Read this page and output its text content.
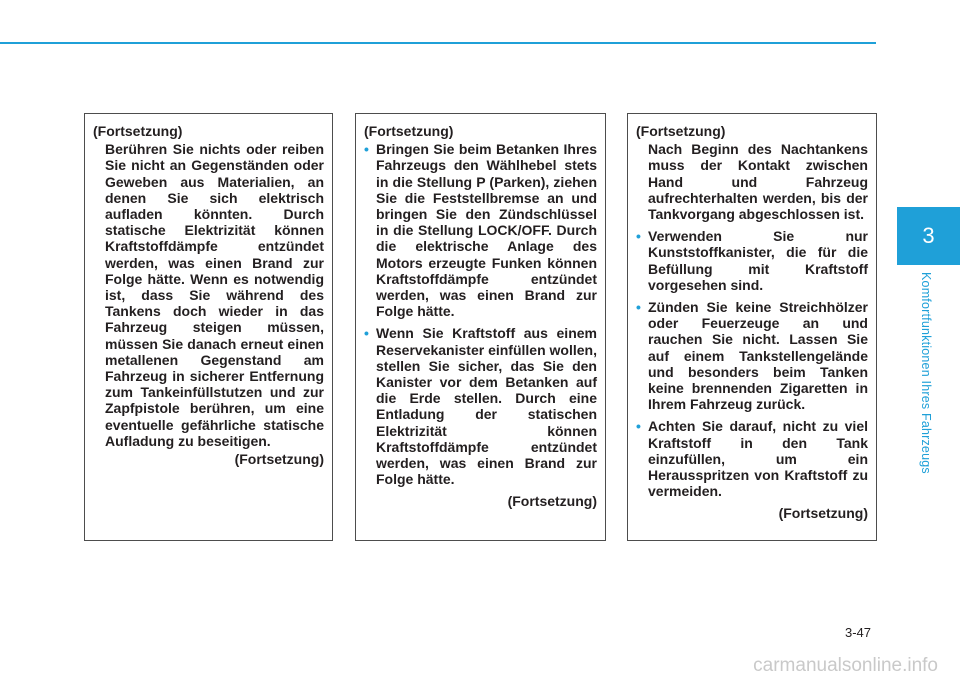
3
Komfortfunktionen Ihres Fahrzeugs
(Fortsetzung)
Berühren Sie nichts oder reiben Sie nicht an Gegenständen oder Geweben aus Materialien, an denen Sie sich elektrisch aufladen könnten. Durch statische Elektrizität können Kraftstoffdämpfe entzündet werden, was einen Brand zur Folge hätte. Wenn es notwendig ist, dass Sie während des Tankens doch wieder in das Fahrzeug steigen müssen, müssen Sie danach erneut einen metallenen Gegenstand am Fahrzeug in sicherer Entfernung zum Tankeinfüllstutzen und zur Zapfpistole berühren, um eine eventuelle gefährliche statische Aufladung zu beseitigen.
(Fortsetzung)
(Fortsetzung)
• Bringen Sie beim Betanken Ihres Fahrzeugs den Wählhebel stets in die Stellung P (Parken), ziehen Sie die Feststellbremse an und bringen Sie den Zündschlüssel in die Stellung LOCK/OFF. Durch die elektrische Anlage des Motors erzeugte Funken können Kraftstoffdämpfe entzündet werden, was einen Brand zur Folge hätte.
• Wenn Sie Kraftstoff aus einem Reservekanister einfüllen wollen, stellen Sie sicher, das Sie den Kanister vor dem Betanken auf die Erde stellen. Durch eine Entladung der statischen Elektrizität können Kraftstoffdämpfe entzündet werden, was einen Brand zur Folge hätte.
(Fortsetzung)
(Fortsetzung)
Nach Beginn des Nachtankens muss der Kontakt zwischen Hand und Fahrzeug aufrechterhalten werden, bis der Tankvorgang abgeschlossen ist.
• Verwenden Sie nur Kunststoffkanister, die für die Befüllung mit Kraftstoff vorgesehen sind.
• Zünden Sie keine Streichhölzer oder Feuerzeuge an und rauchen Sie nicht. Lassen Sie auf einem Tankstellengelände und besonders beim Tanken keine brennenden Zigaretten in Ihrem Fahrzeug zurück.
• Achten Sie darauf, nicht zu viel Kraftstoff in den Tank einzufüllen, um ein Herausspritzen von Kraftstoff zu vermeiden.
(Fortsetzung)
3-47
carmanualsonline.info
